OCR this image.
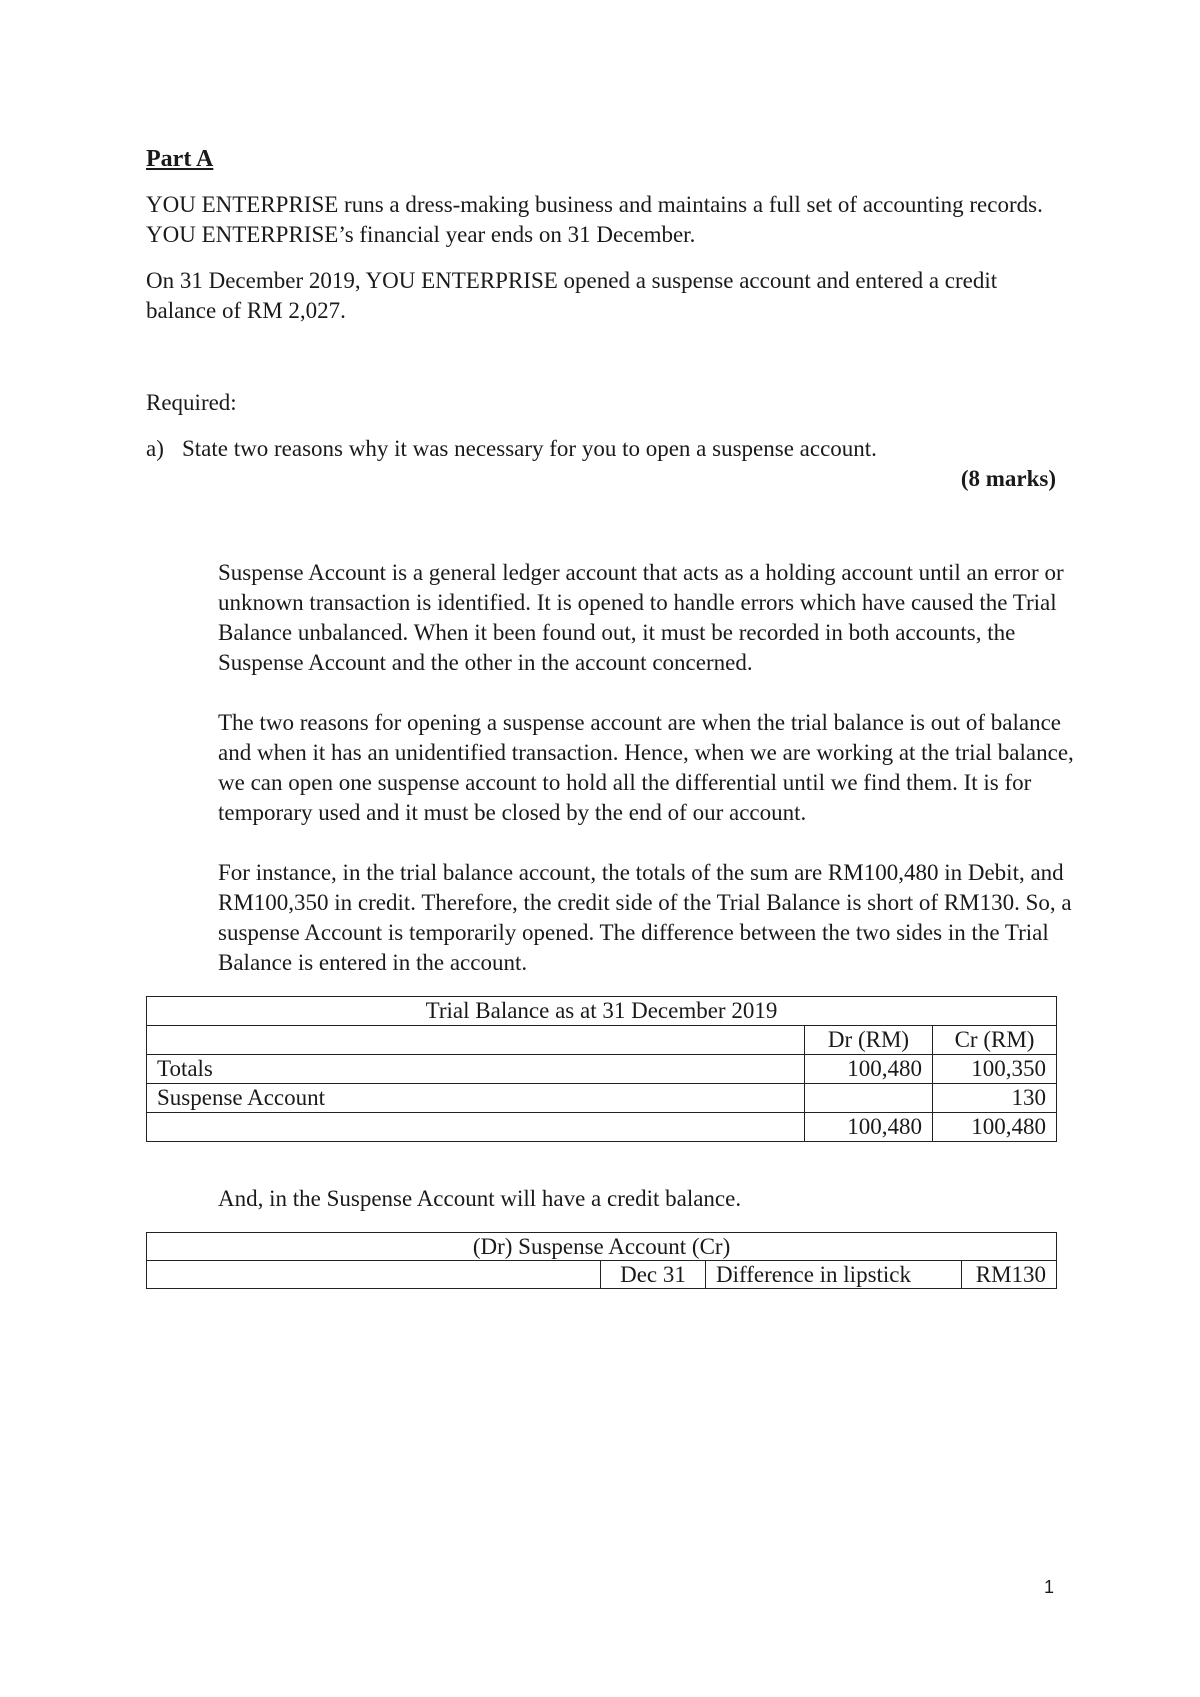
Part A

YOU ENTERPRISE runs a dress-making business and maintains a full set of accounting records. YOU ENTERPRISE’s financial year ends on 31 December.

On 31 December 2019, YOU ENTERPRISE opened a suspense account and entered a credit balance of RM 2,027.

Required:

a) State two reasons why it was necessary for you to open a suspense account.

(8 marks)

Suspense Account is a general ledger account that acts as a holding account until an error or unknown transaction is identified. It is opened to handle errors which have caused the Trial Balance unbalanced. When it been found out, it must be recorded in both accounts, the Suspense Account and the other in the account concerned.

The two reasons for opening a suspense account are when the trial balance is out of balance and when it has an unidentified transaction. Hence, when we are working at the trial balance, we can open one suspense account to hold all the differential until we find them. It is for temporary used and it must be closed by the end of our account.

For instance, in the trial balance account, the totals of the sum are RM100,480 in Debit, and RM100,350 in credit. Therefore, the credit side of the Trial Balance is short of RM130. So, a suspense Account is temporarily opened. The difference between the two sides in the Trial Balance is entered in the account.

Trial Balance as at 31 December 2019		
	Dr (RM)	Cr (RM)
Totals	100,480	100,350
Suspense Account		130
	100,480	100,480

And, in the Suspense Account will have a credit balance.

(Dr) Suspense Account (Cr)
	Dec 31	Difference in lipstick	RM130

1
